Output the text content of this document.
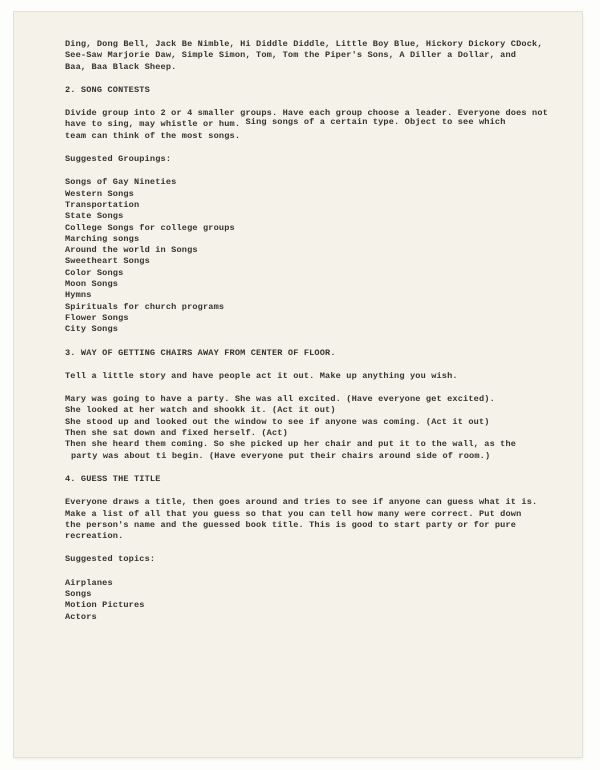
Ding, Dong Bell, Jack Be Nimble, Hi Diddle Diddle, Little Boy Blue, Hickory Dickory CDock,
See-Saw Marjorie Daw, Simple Simon, Tom, Tom the Piper's Sons, A Diller a Dollar, and
Baa, Baa Black Sheep.
2. SONG CONTESTS
Divide group into 2 or 4 smaller groups. Have each group choose a leader. Everyone does not
have to sing, may whistle or hum. Sing songs of a certain type. Object to see which
team can think of the most songs.
Suggested Groupings:
Songs of Gay Nineties
Western Songs
Transportation
State Songs
College Songs for college groups
Marching songs
Around the world in Songs
Sweetheart Songs
Color Songs
Moon Songs
Hymns
Spirituals for church programs
Flower Songs
City Songs
3. WAY OF GETTING CHAIRS AWAY FROM CENTER OF FLOOR.
Tell a little story and have people act it out. Make up anything you wish.
Mary was going to have a party. She was all excited. (Have everyone get excited).
She looked at her watch and shookk it. (Act it out)
She stood up and looked out the window to see if anyone was coming. (Act it out)
Then she sat down and fixed herself. (Act)
Then she heard them coming. So she picked up her chair and put it to the wall, as the
party was about ti begin. (Have everyone put their chairs around side of room.)
4. GUESS THE TITLE
Everyone draws a title, then goes around and tries to see if anyone can guess what it is.
Make a list of all that you guess so that you can tell how many were correct. Put down
the person's name and the guessed book title. This is good to start party or for pure
recreation.
Suggested topics:
Airplanes
Songs
Motion Pictures
Actors
